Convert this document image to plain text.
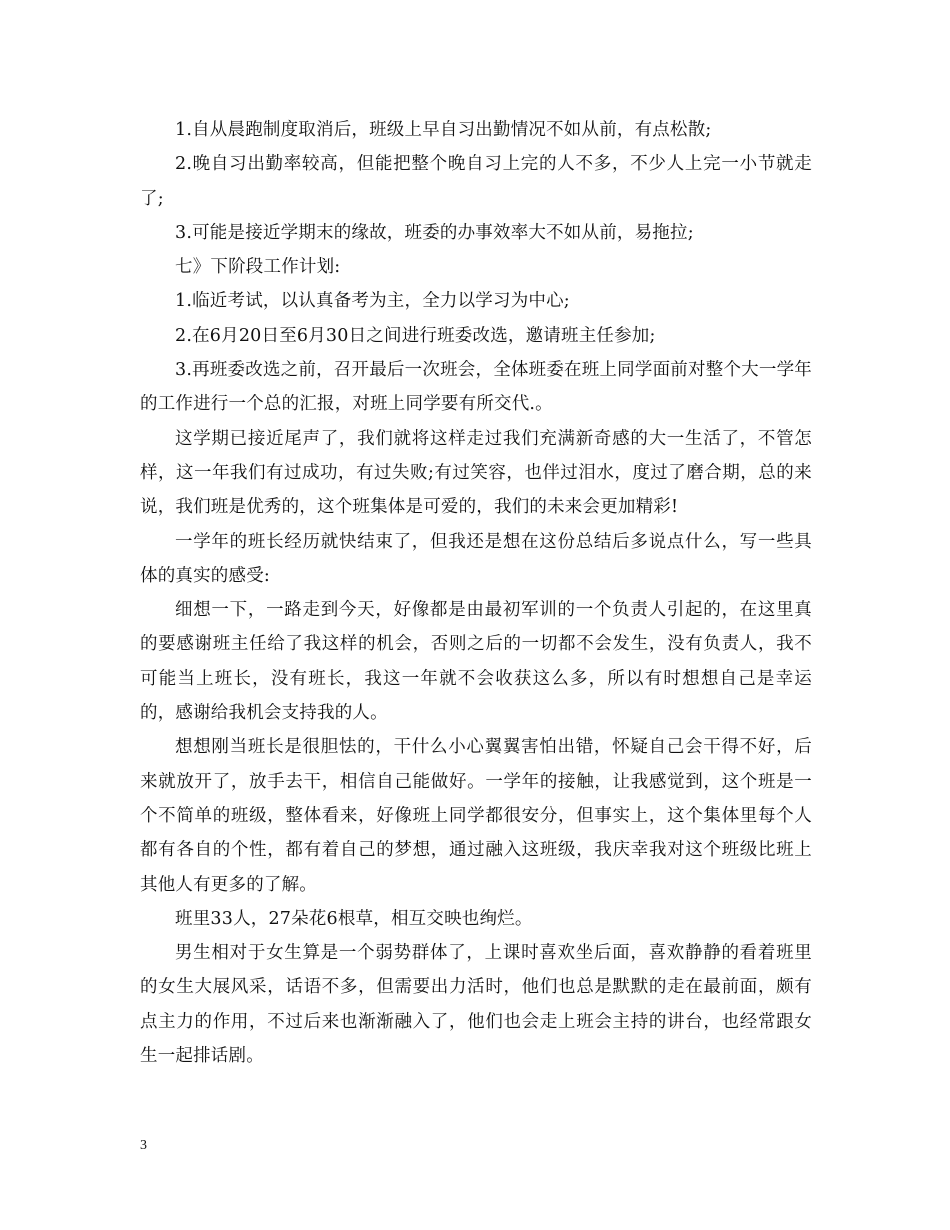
1.自从晨跑制度取消后，班级上早自习出勤情况不如从前，有点松散;

2.晚自习出勤率较高，但能把整个晚自习上完的人不多，不少人上完一小节就走了;

3.可能是接近学期末的缘故，班委的办事效率大不如从前，易拖拉;

七》下阶段工作计划:

1.临近考试，以认真备考为主，全力以学习为中心;

2.在6月20日至6月30日之间进行班委改选，邀请班主任参加;

3.再班委改选之前，召开最后一次班会，全体班委在班上同学面前对整个大一学年的工作进行一个总的汇报，对班上同学要有所交代.。

这学期已接近尾声了，我们就将这样走过我们充满新奇感的大一生活了，不管怎样，这一年我们有过成功，有过失败;有过笑容，也伴过泪水，度过了磨合期，总的来说，我们班是优秀的，这个班集体是可爱的，我们的未来会更加精彩!

一学年的班长经历就快结束了，但我还是想在这份总结后多说点什么，写一些具体的真实的感受:

细想一下，一路走到今天，好像都是由最初军训的一个负责人引起的，在这里真的要感谢班主任给了我这样的机会，否则之后的一切都不会发生，没有负责人，我不可能当上班长，没有班长，我这一年就不会收获这么多，所以有时想想自己是幸运的，感谢给我机会支持我的人。

想想刚当班长是很胆怯的，干什么小心翼翼害怕出错，怀疑自己会干得不好，后来就放开了，放手去干，相信自己能做好。一学年的接触，让我感觉到，这个班是一个不简单的班级，整体看来，好像班上同学都很安分，但事实上，这个集体里每个人都有各自的个性，都有着自己的梦想，通过融入这班级，我庆幸我对这个班级比班上其他人有更多的了解。

班里33人，27朵花6根草，相互交映也绚烂。

男生相对于女生算是一个弱势群体了，上课时喜欢坐后面，喜欢静静的看着班里的女生大展风采，话语不多，但需要出力活时，他们也总是默默的走在最前面，颇有点主力的作用，不过后来也渐渐融入了，他们也会走上班会主持的讲台，也经常跟女生一起排话剧。

3
